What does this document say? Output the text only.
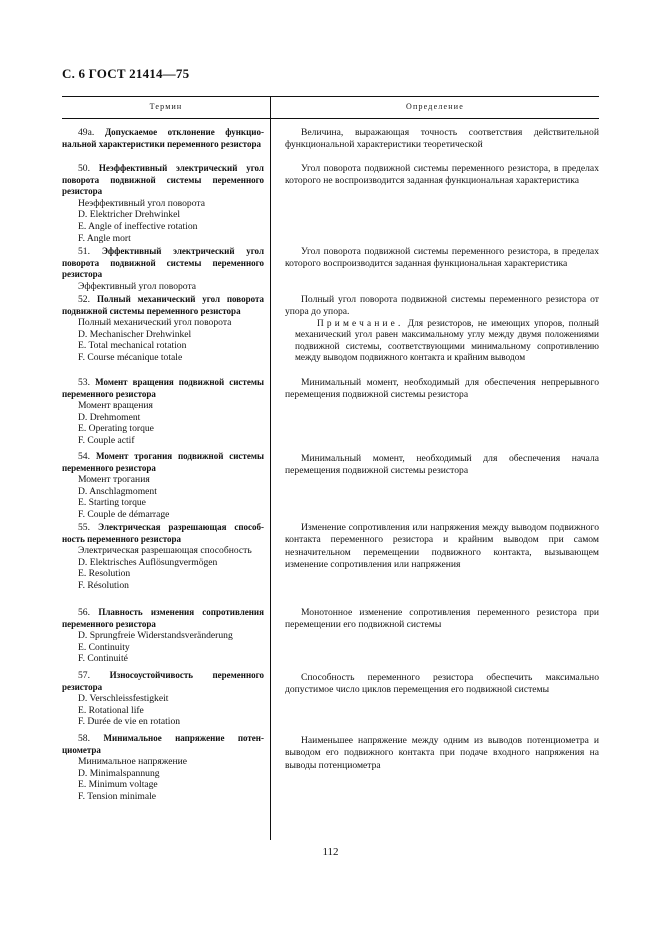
С. 6 ГОСТ 21414—75
Термин	Определение
49а. Допускаемое отклонение функциональной характеристики переменного резистора
Величина, выражающая точность соответствия действительной функциональной характеристики теоретической
50. Неэффективный электрический угол поворота подвижной системы переменного резистора
Неэффективный угол поворота
D. Elektricher Drehwinkel
E. Angle of ineffective rotation
F. Angle mort
Угол поворота подвижной системы переменного резистора, в пределах которого не воспроизводится заданная функциональная характеристика
51. Эффективный электрический угол поворота подвижной системы переменного резистора
Эффективный угол поворота
Угол поворота подвижной системы переменного резистора, в пределах которого воспроизводится заданная функциональная характеристика
52. Полный механический угол поворота подвижной системы переменного резистора
Полный механический угол поворота
D. Mechanischer Drehwinkel
E. Total mechanical rotation
F. Course mécanique totale
Полный угол поворота подвижной системы переменного резистора от упора до упора.
Примечание. Для резисторов, не имеющих упоров, полный механический угол равен максимальному углу между двумя положениями подвижной системы, соответствующими минимальному сопротивлению между выводом подвижного контакта и крайним выводом
53. Момент вращения подвижной системы переменного резистора
Момент вращения
D. Drehmoment
E. Operating torque
F. Couple actif
Минимальный момент, необходимый для обеспечения непрерывного перемещения подвижной системы резистора
54. Момент трогания подвижной системы переменного резистора
Момент трогания
D. Anschlagmoment
E. Starting torque
F. Couple de démarrage
Минимальный момент, необходимый для обеспечения начала перемещения подвижной системы резистора
55. Электрическая разрешающая способность переменного резистора
Электрическая разрешающая способность
D. Elektrisches Auflösungvermögen
E. Resolution
F. Résolution
Изменение сопротивления или напряжения между выводом подвижного контакта переменного резистора и крайним выводом при самом незначительном перемещении подвижного контакта, вызывающем изменение сопротивления или напряжения
56. Плавность изменения сопротивления переменного резистора
D. Sprungfreie Widerstandsveränderung
E. Continuity
F. Continuité
Монотонное изменение сопротивления переменного резистора при перемещении его подвижной системы
57. Износоустойчивость переменного резистора
D. Verschleissfestigkeit
E. Rotational life
F. Durée de vie en rotation
Способность переменного резистора обеспечить максимально допустимое число циклов перемещения его подвижной системы
58. Минимальное напряжение потенциометра
Минимальное напряжение
D. Minimalspannung
E. Minimum voltage
F. Tension minimale
Наименьшее напряжение между одним из выводов потенциометра и выводом его подвижного контакта при подаче входного напряжения на выводы потенциометра
112
